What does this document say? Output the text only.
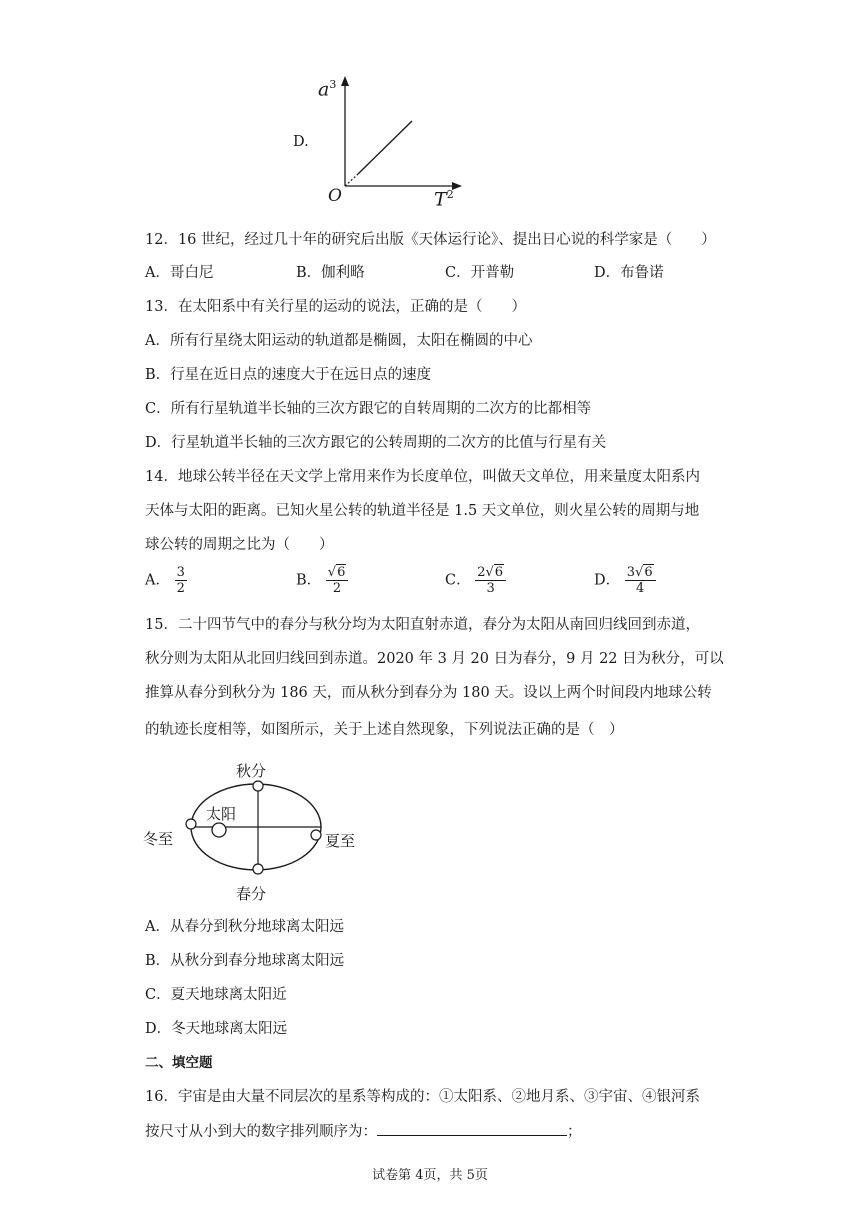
D.
$a^3$
$T^2$
O
12．16 世纪，经过几十年的研究后出版《天体运行论》、提出日心说的科学家是（　　）
A．哥白尼	B．伽利略	C．开普勒	D．布鲁诺
13．在太阳系中有关行星的运动的说法，正确的是（　　）
A．所有行星绕太阳运动的轨道都是椭圆，太阳在椭圆的中心
B．行星在近日点的速度大于在远日点的速度
C．所有行星轨道半长轴的三次方跟它的自转周期的二次方的比都相等
D．行星轨道半长轴的三次方跟它的公转周期的二次方的比值与行星有关
14．地球公转半径在天文学上常用来作为长度单位，叫做天文单位，用来量度太阳系内
天体与太阳的距离。已知火星公转的轨道半径是 1.5 天文单位，则火星公转的周期与地
球公转的周期之比为（　　）
A． $\frac{3}{2}$	B． $\frac{√6}{2}$	C． $\frac{2√6}{3}$	D． $\frac{3√6}{4}$
15．二十四节气中的春分与秋分均为太阳直射赤道，春分为太阳从南回归线回到赤道，
秋分则为太阳从北回归线回到赤道。2020 年 3 月 20 日为春分，9 月 22 日为秋分，可以
推算从春分到秋分为 186 天，而从秋分到春分为 180 天。设以上两个时间段内地球公转
的轨迹长度相等，如图所示，关于上述自然现象，下列说法正确的是（　）
秋分
春分
冬至	夏至
太阳
A．从春分到秋分地球离太阳远
B．从秋分到春分地球离太阳远
C．夏天地球离太阳近
D．冬天地球离太阳远
二、填空题
16．宇宙是由大量不同层次的星系等构成的：①太阳系、②地月系、③宇宙、④银河系
按尺寸从小到大的数字排列顺序为：	；
试卷第 4页，共 5页
